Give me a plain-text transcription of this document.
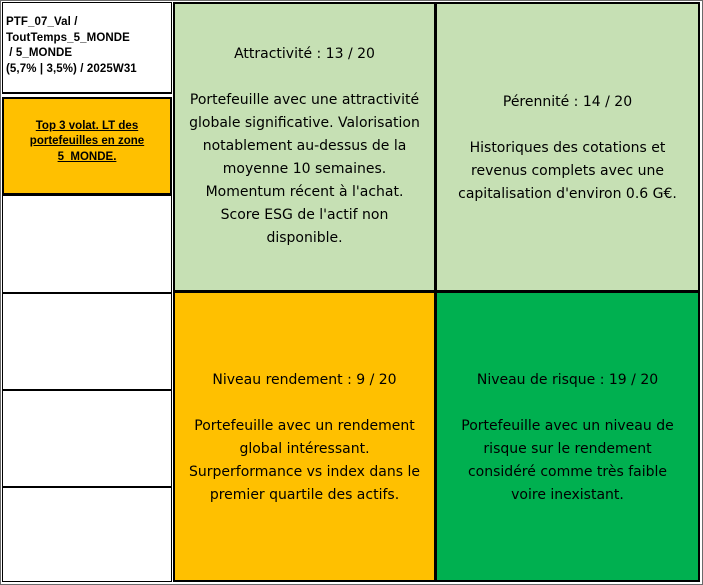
PTF_07_Val /
ToutTemps_5_MONDE
/ 5_MONDE
(5,7% | 3,5%) / 2025W31
Top 3 volat. LT des
portefeuilles en zone
5_MONDE.
Attractivité : 13 / 20
Portefeuille avec une attractivité
globale significative. Valorisation
notablement au-dessus de la
moyenne 10 semaines.
Momentum récent à l'achat.
Score ESG de l'actif non
disponible.
Pérennité : 14 / 20
Historiques des cotations et
revenus complets avec une
capitalisation d'environ 0.6 G€.
Niveau rendement : 9 / 20
Portefeuille avec un rendement
global intéressant.
Surperformance vs index dans le
premier quartile des actifs.
Niveau de risque : 19 / 20
Portefeuille avec un niveau de
risque sur le rendement
considéré comme très faible
voire inexistant.
